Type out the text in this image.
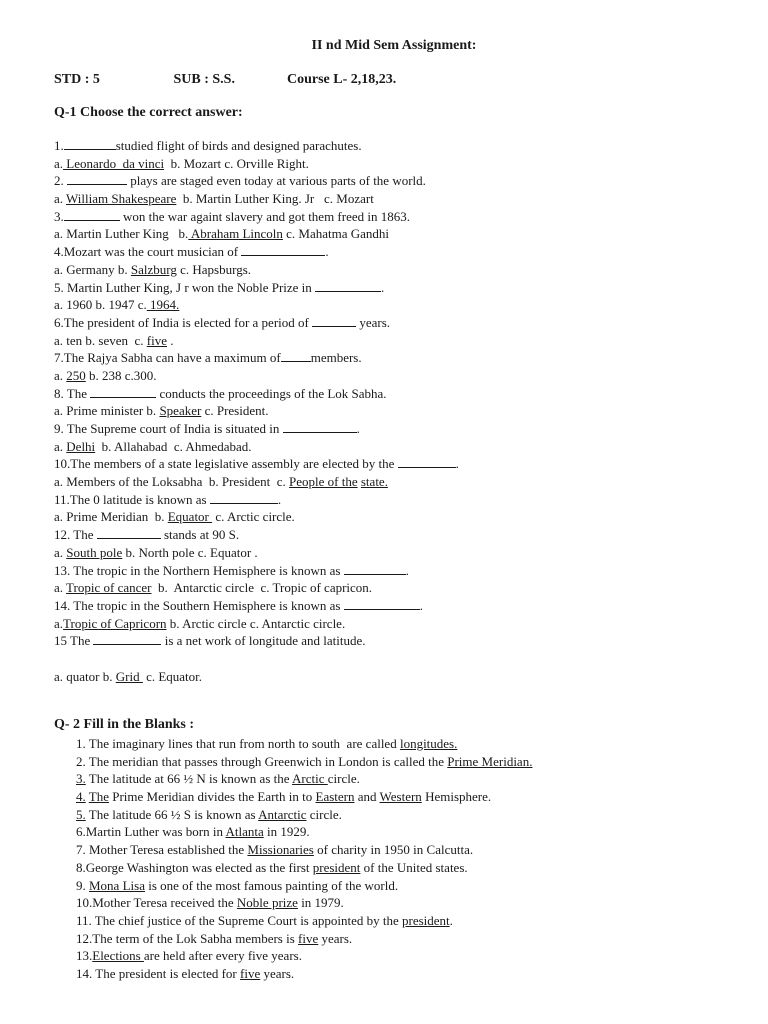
II nd Mid Sem Assignment:
STD : 5	SUB : S.S.	Course L- 2,18,23.
Q-1 Choose the correct answer:
1.	studied flight of birds and designed parachutes.
a. Leonardo  da vinci  b. Mozart c. Orville Right.
2.	plays are staged even today at various parts of the world.
a. William Shakespeare  b. Martin Luther King. Jr   c. Mozart
3.	won the war againt slavery and got them freed in 1863.
a. Martin Luther King   b. Abraham Lincoln c. Mahatma Gandhi
4.Mozart was the court musician of	.
a. Germany b. Salzburg c. Hapsburgs.
5. Martin Luther King, J r won the Noble Prize in	.
a. 1960 b. 1947 c. 1964.
6.The president of India is elected for a period of	years.
a. ten b. seven  c. five .
7.The Rajya Sabha can have a maximum of members.
a. 250 b. 238 c.300.
8. The	conducts the proceedings of the Lok Sabha.
a. Prime minister b. Speaker c. President.
9. The Supreme court of India is situated in	.
a. Delhi  b. Allahabad  c. Ahmedabad.
10.The members of a state legislative assembly are elected by the	.
a. Members of the Loksabha  b. President  c. People of the state.
11.The 0 latitude is known as	.
a. Prime Meridian  b. Equator  c. Arctic circle.
12. The	stands at 90 S.
a. South pole b. North pole c. Equator .
13. The tropic in the Northern Hemisphere is known as	.
a. Tropic of cancer  b.  Antarctic circle  c. Tropic of capricon.
14. The tropic in the Southern Hemisphere is known as	.
a.Tropic of Capricorn b. Arctic circle c. Antarctic circle.
15 The	is a net work of longitude and latitude.
a. quator b. Grid  c. Equator.
Q- 2 Fill in the Blanks :
1. The imaginary lines that run from north to south  are called longitudes.
2. The meridian that passes through Greenwich in London is called the Prime Meridian.
3. The latitude at 66 ½ N is known as the Arctic circle.
4. The Prime Meridian divides the Earth in to Eastern and Western Hemisphere.
5. The latitude 66 ½ S is known as Antarctic circle.
6.Martin Luther was born in Atlanta in 1929.
7. Mother Teresa established the Missionaries of charity in 1950 in Calcutta.
8.George Washington was elected as the first president of the United states.
9. Mona Lisa is one of the most famous painting of the world.
10.Mother Teresa received the Noble prize in 1979.
11. The chief justice of the Supreme Court is appointed by the president.
12.The term of the Lok Sabha members is five years.
13.Elections are held after every five years.
14. The president is elected for five years.
